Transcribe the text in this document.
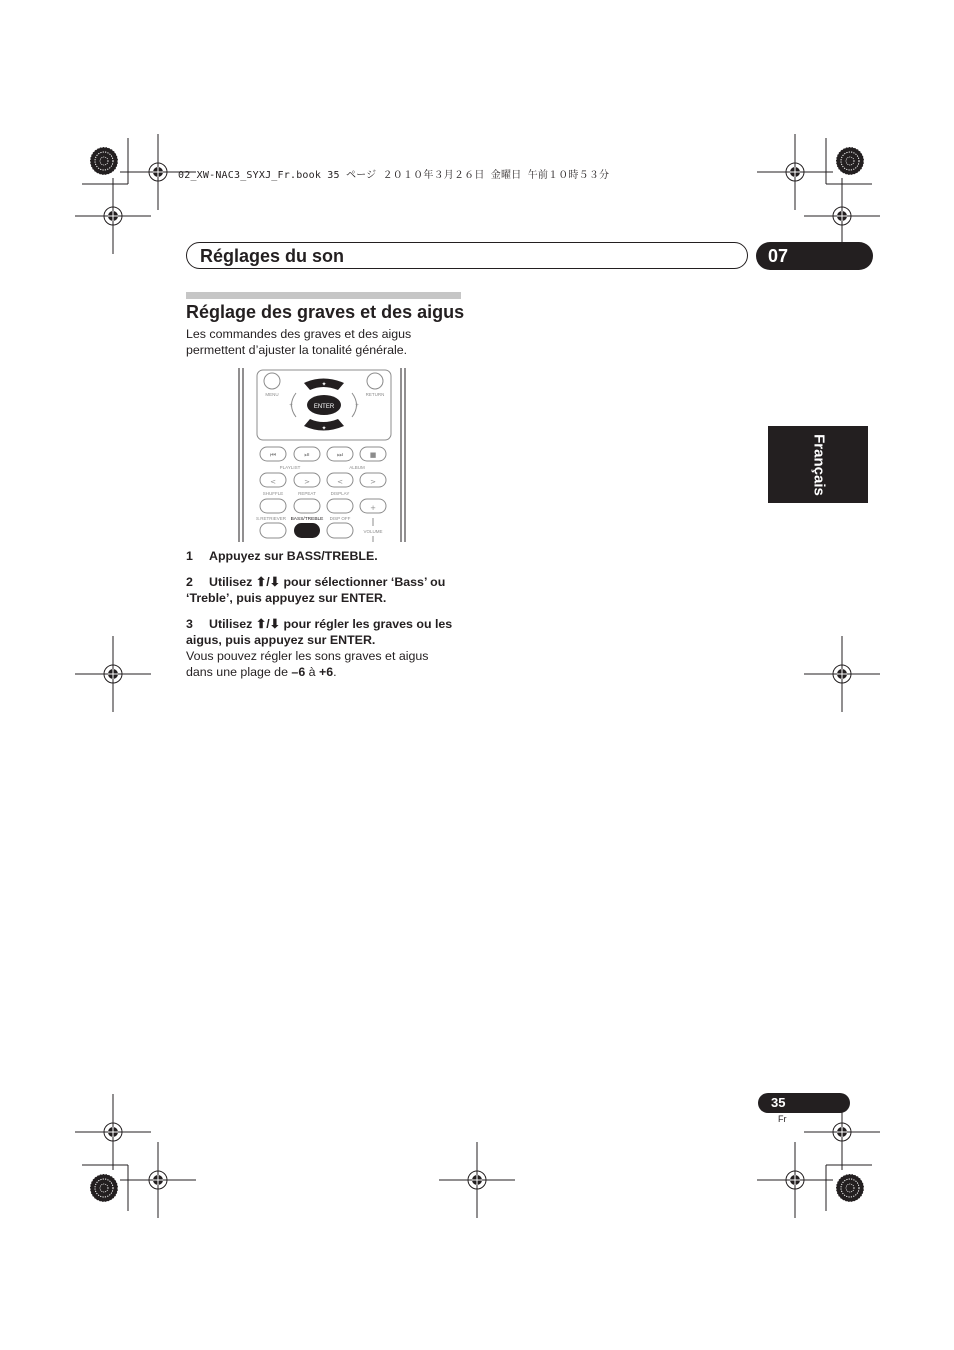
02_XW-NAC3_SYXJ_Fr.book 35 ページ ２０１０年３月２６日 金曜日 午前１０時５３分
Réglages du son	07
Réglage des graves et des aigus
Les commandes des graves et des aigus
permettent d’ajuster la tonalité générale.
ENTER
✦
✦
+	+
MENU	RETURN
⏮	⏯	⏭	■
<	>	<	>
+
PLAYLIST	ALBUM
SHUFFLE	REPEAT	DISPLAY
S.RETRIEVER	DISP OFF
VOLUME
BASS/TREBLE
1 Appuyez sur BASS/TREBLE.
2 Utilisez ⬆/⬇ pour sélectionner ‘Bass’ ou
‘Treble’, puis appuyez sur ENTER.
3 Utilisez ⬆/⬇ pour régler les graves ou les
aigus, puis appuyez sur ENTER.
Vous pouvez régler les sons graves et aigus
dans une plage de –6 à +6.
Français
35
Fr
